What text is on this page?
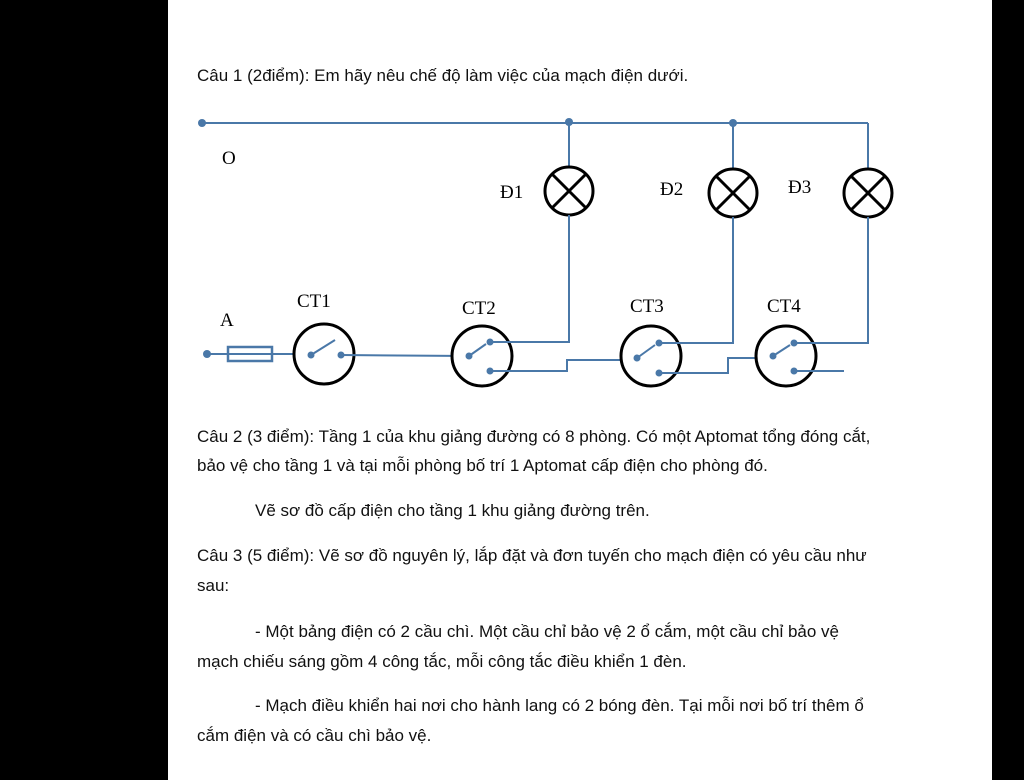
Câu 1 (2điểm): Em hãy nêu chế độ làm việc của mạch điện dưới.
O
A
Đ1	Đ2	Đ3
CT1	CT2	CT3	CT4
Câu 2 (3 điểm): Tầng 1 của khu giảng đường có 8 phòng. Có một Aptomat tổng đóng cắt,
bảo vệ cho tầng 1 và tại mỗi phòng bố trí 1 Aptomat cấp điện cho phòng đó.
Vẽ sơ đồ cấp điện cho tầng 1 khu giảng đường trên.
Câu 3 (5 điểm): Vẽ sơ đồ nguyên lý, lắp đặt và đơn tuyến cho mạch điện có yêu cầu như
sau:
- Một bảng điện có 2 cầu chì. Một cầu chỉ bảo vệ 2 ổ cắm, một cầu chỉ bảo vệ
mạch chiếu sáng gồm 4 công tắc, mỗi công tắc điều khiển 1 đèn.
- Mạch điều khiển hai nơi cho hành lang có 2 bóng đèn. Tại mỗi nơi bố trí thêm ổ
cắm điện và có cầu chì bảo vệ.
